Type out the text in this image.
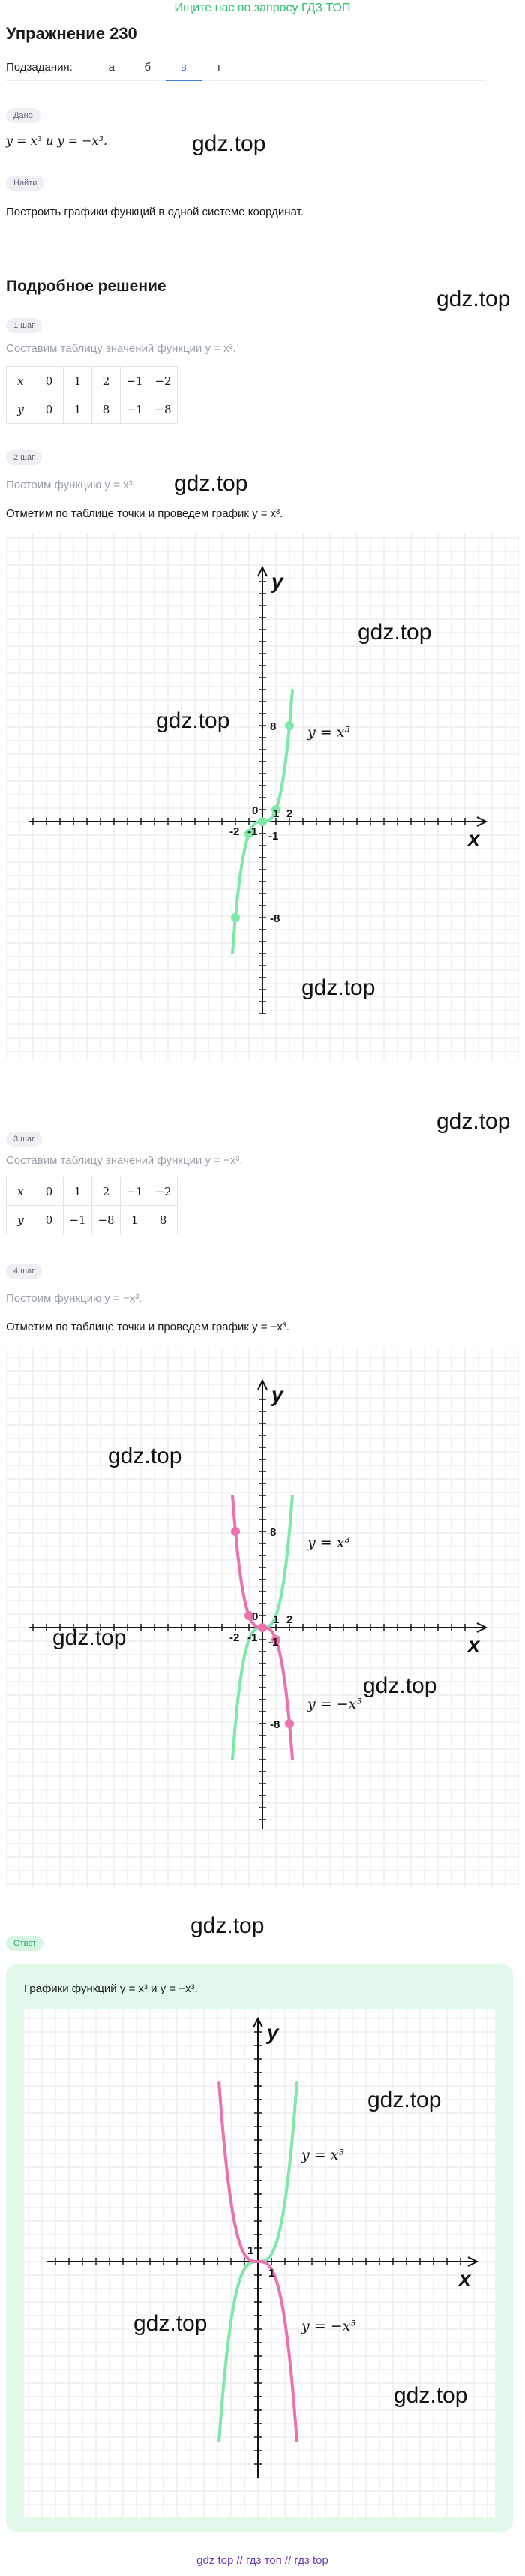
Ищите нас по запросу ГДЗ ТОП
Упражнение 230
Подзадания:	а	б	в	г
Дано
y = x³ и y = −x³.
Найти
Построить графики функций в одной системе координат.
Подробное решение
1 шаг
Составим таблицу значений функции y = x³.
x	0	1	2	−1	−2
y	0	1	8	−1	−8
2 шаг
Постоим функцию y = x³.
Отметим по таблице точки и проведем график y = x³.
x
y
8
-8
1 2
-2 -1
0
-1
y = x³
3 шаг
Составим таблицу значений функции y = −x³.
x	0	1	2	−1	−2
y	0	−1	−8	1	8
4 шаг
Постоим функцию y = −x³.
Отметим по таблице точки и проведем график y = −x³.
x
y
8
-8
1 2
-2 -1
0
-1
y = x³
y = −x³
Ответ
Графики функций y = x³ и y = −x³.
x
y
1
1
y = x³
y = −x³
gdz.top
gdz.top
gdz.top
gdz.top
gdz.top
gdz.top
gdz.top
gdz.top
gdz.top
gdz.top
gdz.top
gdz.top
gdz.top
gdz.top
gdz top // гдз топ // гдз top
